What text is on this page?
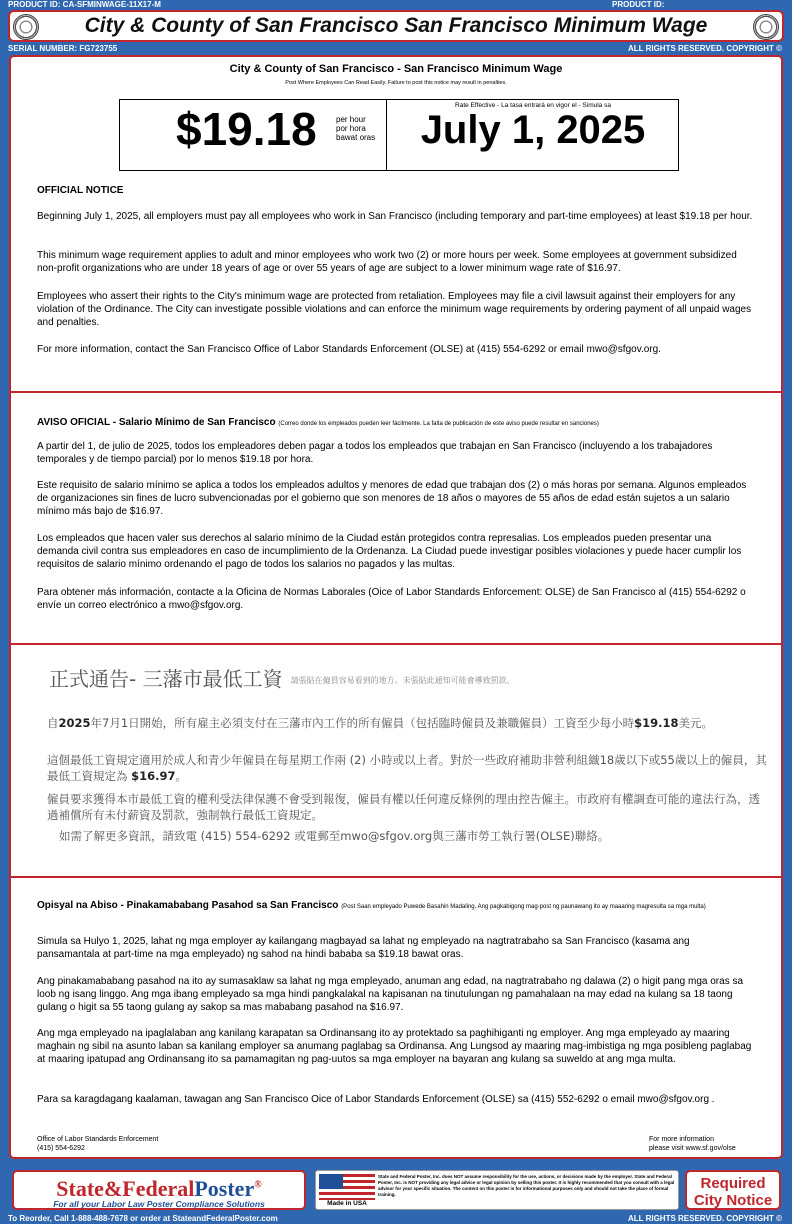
PRODUCT ID: CA-SFMINWAGE-11X17-M	PRODUCT ID:
City & County of San Francisco San Francisco Minimum Wage
SERIAL NUMBER: FG723755	ALL RIGHTS RESERVED. COPYRIGHT ©
City & County of San Francisco - San Francisco Minimum Wage
Post Where Employees Can Read Easily. Failure to post this notice may result in penalties.
$19.18 per hour
por hora
bawat oras
Rate Effective - La tasa entrará en vigor el - Simula sa
July 1, 2025
OFFICIAL NOTICE
Beginning July 1, 2025, all employers must pay all employees who work in San Francisco (including temporary and part-time employees) at least $19.18 per hour.
This minimum wage requirement applies to adult and minor employees who work two (2) or more hours per week. Some employees at government subsidized non-profit organizations who are under 18 years of age or over 55 years of age are subject to a lower minimum wage rate of $16.97.
Employees who assert their rights to the City's minimum wage are protected from retaliation. Employees may file a civil lawsuit against their employers for any violation of the Ordinance. The City can investigate possible violations and can enforce the minimum wage requirements by ordering payment of all unpaid wages and penalties.
For more information, contact the San Francisco Office of Labor Standards Enforcement (OLSE) at (415) 554-6292 or email mwo@sfgov.org.
AVISO OFICIAL - Salario Mínimo de San Francisco (Correo donde los empleados pueden leer fácilmente. La falta de publicación de este aviso puede resultar en sanciones)
A partir del 1, de julio de 2025, todos los empleadores deben pagar a todos los empleados que trabajan en San Francisco (incluyendo a los trabajadores temporales y de tiempo parcial) por lo menos $19.18 por hora.
Este requisito de salario mínimo se aplica a todos los empleados adultos y menores de edad que trabajan dos (2) o más horas por semana. Algunos empleados de organizaciones sin fines de lucro subvencionadas por el gobierno que son menores de 18 años o mayores de 55 años de edad están sujetos a un salario mínimo más bajo de $16.97.
Los empleados que hacen valer sus derechos al salario mínimo de la Ciudad están protegidos contra represalias. Los empleados pueden presentar una demanda civil contra sus empleadores en caso de incumplimiento de la Ordenanza. La Ciudad puede investigar posibles violaciones y puede hacer cumplir los requisitos de salario mínimo ordenando el pago de todos los salarios no pagados y las multas.
Para obtener más información, contacte a la Oficina de Normas Laborales (Oice of Labor Standards Enforcement: OLSE) de San Francisco al (415) 554-6292 o envíe un correo electrónico a mwo@sfgov.org.
正式通告- 三藩市最低工資 請張貼在僱員容易看到的地方。未張貼此通知可能會導致罰款。
自2025年7月1日開始，所有雇主必須支付在三藩市內工作的所有僱員（包括臨時僱員及兼職僱員）工資至少每小時$19.18美元。
這個最低工資規定適用於成人和青少年僱員在每星期工作兩 (2) 小時或以上者。對於一些政府補助非營利組織18歲以下或55歲以上的僱員，其最低工資規定為 $16.97。
僱員要求獲得本市最低工資的權利受法律保護不會受到報復，僱員有權以任何違反條例的理由控告僱主。市政府有權調查可能的違法行為，透過補償所有未付薪資及罰款，強制執行最低工資規定。
如需了解更多資訊，請致電 (415) 554-6292 或電郵至mwo@sfgov.org與三藩市勞工執行署(OLSE)聯絡。
Opisyal na Abiso - Pinakamababang Pasahod sa San Francisco (Post Saan empleyado Puwede Basahin Madaling. Ang pagkabigong mag-post ng paunawang ito ay maaaring magresulta sa mga multa)
Simula sa Hulyo 1, 2025, lahat ng mga employer ay kailangang magbayad sa lahat ng empleyado na nagtratrabaho sa San Francisco (kasama ang pansamantala at part-time na mga empleyado) ng sahod na hindi bababa sa $19.18 bawat oras.
Ang pinakamababang pasahod na ito ay sumasaklaw sa lahat ng mga empleyado, anuman ang edad, na nagtratrabaho ng dalawa (2) o higit pang mga oras sa loob ng isang linggo. Ang mga ibang empleyado sa mga hindi pangkalakal na kapisanan na tinutulungan ng pamahalaan na may edad na kulang sa 18 taong gulang o higit sa 55 taong gulang ay sakop sa mas mababang pasahod na $16.97.
Ang mga empleyado na ipaglalaban ang kanilang karapatan sa Ordinansang ito ay protektado sa paghihiganti ng employer. Ang mga empleyado ay maaring maghain ng sibil na asunto laban sa kanilang employer sa anumang paglabag sa Ordinansa. Ang Lungsod ay maaring mag-imbistiga ng mga posibleng paglabag at maaring ipatupad ang Ordinansang ito sa pamamagitan ng pag-uutos sa mga employer na bayaran ang kulang sa suweldo at ang mga multa.
Para sa karagdagang kaalaman, tawagan ang San Francisco Oice of Labor Standards Enforcement (OLSE) sa (415) 552-6292 o email mwo@sfgov.org .
Office of Labor Standards Enforcement
(415) 554-6292
For more information
please visit www.sf.gov/olse
State&FederalPoster®
For all your Labor Law Poster Compliance Solutions	Made in USA
State and Federal Poster, Inc. does NOT assume responsibility for the use, actions, or decisions made by the employer. State and Federal Poster, Inc. is NOT providing any legal advice or legal opinion by selling this poster. It is highly recommended that you consult with a legal advisor for your specific situation. The content on this poster is for informational purposes only and should not take the place of formal training.
Required
City Notice
To Reorder, Call 1-888-488-7678 or order at StateandFederalPoster.com	ALL RIGHTS RESERVED. COPYRIGHT ©
